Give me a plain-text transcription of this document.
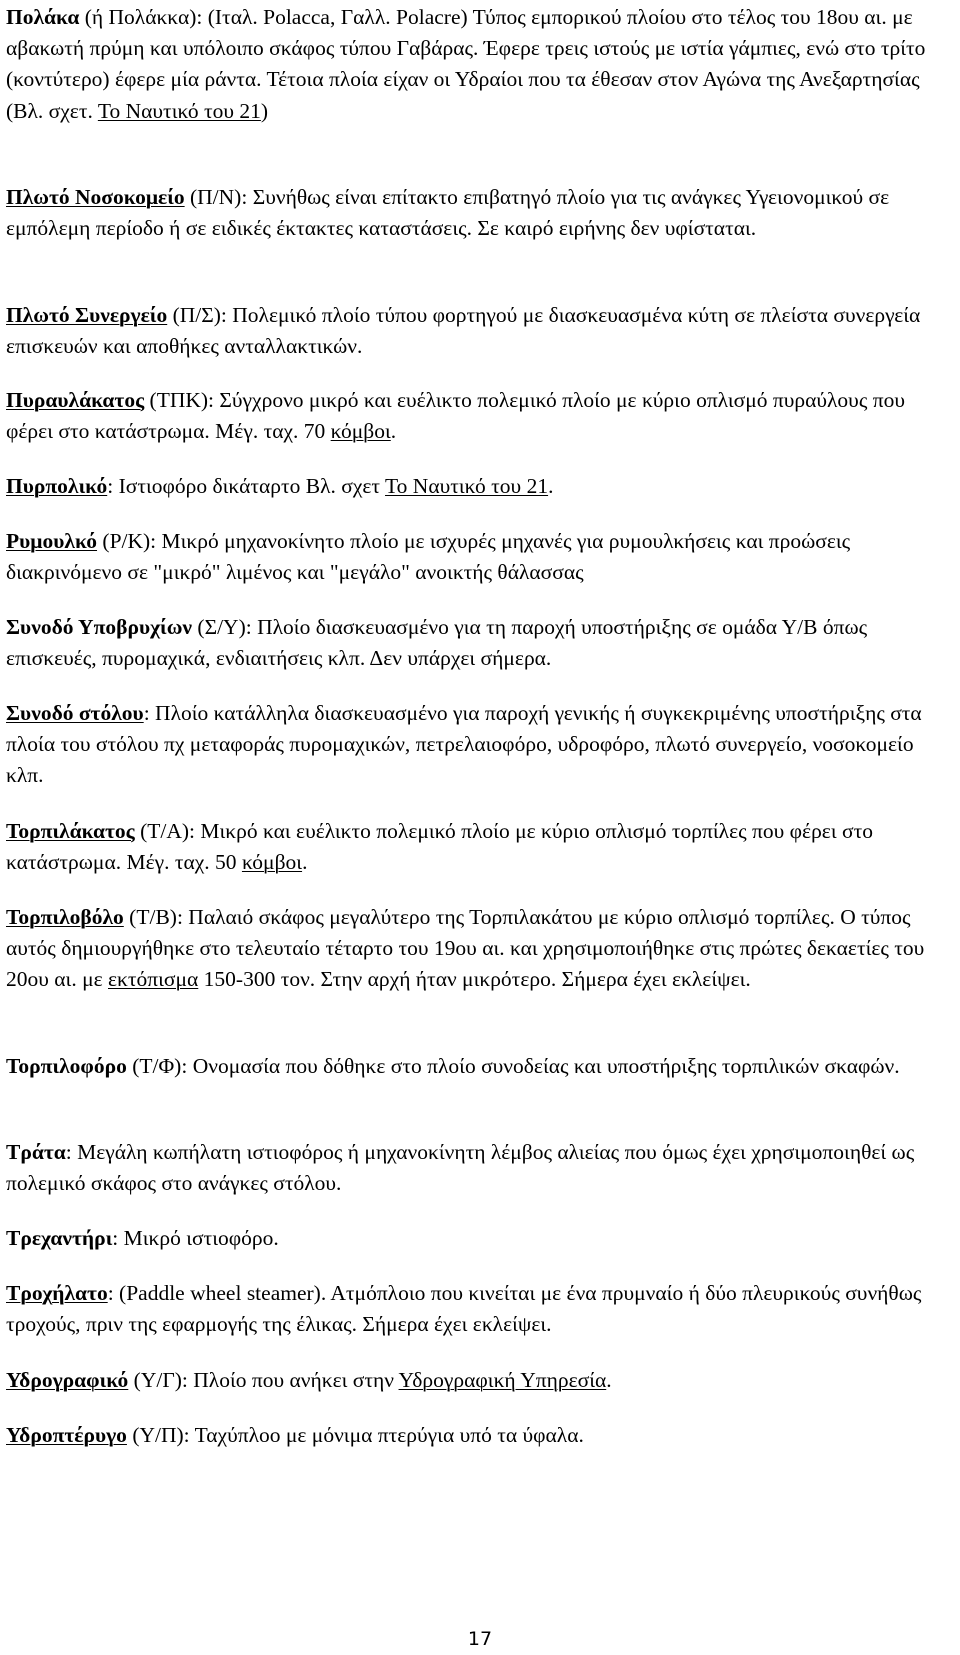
Πολάκα (ή Πολάκκα): (Ιταλ. Polacca, Γαλλ. Polacre) Τύπος εμπορικού πλοίου στο τέλος του 18ου αι. με αβακωτή πρύμη και υπόλοιπο σκάφος τύπου Γαβάρας. Έφερε τρεις ιστούς με ιστία γάμπιες, ενώ στο τρίτο (κοντύτερο) έφερε μία ράντα. Τέτοια πλοία είχαν οι Υδραίοι που τα έθεσαν στον Αγώνα της Ανεξαρτησίας (Βλ. σχετ. Το Ναυτικό του 21)

Πλωτό Νοσοκομείο (Π/Ν): Συνήθως είναι επίτακτο επιβατηγό πλοίο για τις ανάγκες Υγειονομικού σε εμπόλεμη περίοδο ή σε ειδικές έκτακτες καταστάσεις. Σε καιρό ειρήνης δεν υφίσταται.

Πλωτό Συνεργείο (Π/Σ): Πολεμικό πλοίο τύπου φορτηγού με διασκευασμένα κύτη σε πλείστα συνεργεία επισκευών και αποθήκες ανταλλακτικών.

Πυραυλάκατος (ΤΠΚ): Σύγχρονο μικρό και ευέλικτο πολεμικό πλοίο με κύριο οπλισμό πυραύλους που φέρει στο κατάστρωμα. Μέγ. ταχ. 70 κόμβοι.

Πυρπολικό: Ιστιοφόρο δικάταρτο Βλ. σχετ Το Ναυτικό του 21.

Ρυμουλκό (Ρ/Κ): Μικρό μηχανοκίνητο πλοίο με ισχυρές μηχανές για ρυμουλκήσεις και προώσεις διακρινόμενο σε "μικρό" λιμένος και "μεγάλο" ανοικτής θάλασσας

Συνοδό Υποβρυχίων (Σ/Υ): Πλοίο διασκευασμένο για τη παροχή υποστήριξης σε ομάδα Υ/Β όπως επισκευές, πυρομαχικά, ενδιαιτήσεις κλπ. Δεν υπάρχει σήμερα.

Συνοδό στόλου: Πλοίο κατάλληλα διασκευασμένο για παροχή γενικής ή συγκεκριμένης υποστήριξης στα πλοία του στόλου πχ μεταφοράς πυρομαχικών, πετρελαιοφόρο, υδροφόρο, πλωτό συνεργείο, νοσοκομείο κλπ.

Τορπιλάκατος (Τ/Α): Μικρό και ευέλικτο πολεμικό πλοίο με κύριο οπλισμό τορπίλες που φέρει στο κατάστρωμα. Μέγ. ταχ. 50 κόμβοι.

Τορπιλοβόλο (Τ/Β): Παλαιό σκάφος μεγαλύτερο της Τορπιλακάτου με κύριο οπλισμό τορπίλες. Ο τύπος αυτός δημιουργήθηκε στο τελευταίο τέταρτο του 19ου αι. και χρησιμοποιήθηκε στις πρώτες δεκαετίες του 20ου αι. με εκτόπισμα 150-300 τον. Στην αρχή ήταν μικρότερο. Σήμερα έχει εκλείψει.

Τορπιλοφόρο (Τ/Φ): Ονομασία που δόθηκε στο πλοίο συνοδείας και υποστήριξης τορπιλικών σκαφών.

Τράτα: Μεγάλη κωπήλατη ιστιοφόρος ή μηχανοκίνητη λέμβος αλιείας που όμως έχει χρησιμοποιηθεί ως πολεμικό σκάφος στο ανάγκες στόλου.

Τρεχαντήρι: Μικρό ιστιοφόρο.

Τροχήλατο: (Paddle wheel steamer). Ατμόπλοιο που κινείται με ένα πρυμναίο ή δύο πλευρικούς συνήθως τροχούς, πριν της εφαρμογής της έλικας. Σήμερα έχει εκλείψει.

Υδρογραφικό (Υ/Γ): Πλοίο που ανήκει στην Υδρογραφική Υπηρεσία.

Υδροπτέρυγο (Υ/Π): Ταχύπλοο με μόνιμα πτερύγια υπό τα ύφαλα.

17
